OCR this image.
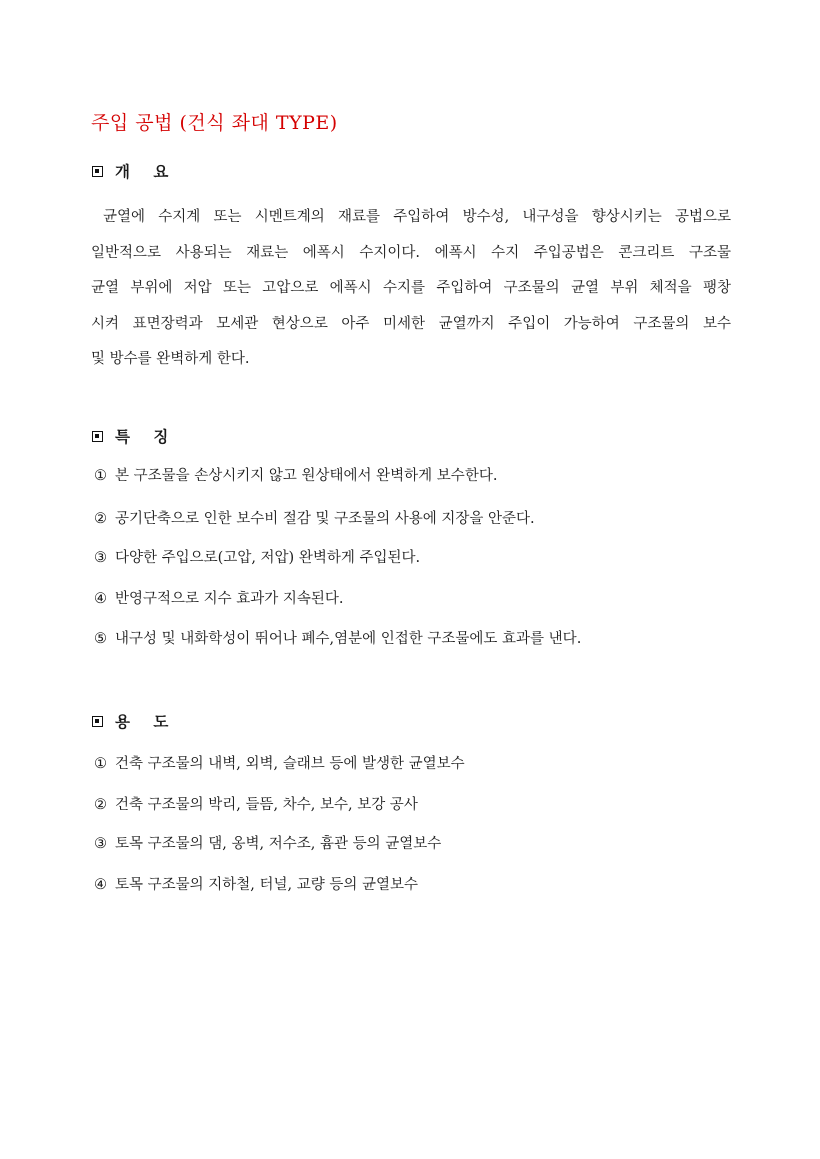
주입 공법 (건식 좌대 TYPE)
개 요
균열에 수지계 또는 시멘트계의 재료를 주입하여 방수성, 내구성을 향상시키는 공법으로
일반적으로 사용되는 재료는 에폭시 수지이다. 에폭시 수지 주입공법은 콘크리트 구조물
균열 부위에 저압 또는 고압으로 에폭시 수지를 주입하여 구조물의 균열 부위 체적을 팽창
시켜 표면장력과 모세관 현상으로 아주 미세한 균열까지 주입이 가능하여 구조물의 보수
및 방수를 완벽하게 한다.
특 징
① 본 구조물을 손상시키지 않고 원상태에서 완벽하게 보수한다.
② 공기단축으로 인한 보수비 절감 및 구조물의 사용에 지장을 안준다.
③ 다양한 주입으로(고압, 저압) 완벽하게 주입된다.
④ 반영구적으로 지수 효과가 지속된다.
⑤ 내구성 및 내화학성이 뛰어나 폐수,염분에 인접한 구조물에도 효과를 낸다.
용 도
① 건축 구조물의 내벽, 외벽, 슬래브 등에 발생한 균열보수
② 건축 구조물의 박리, 들뜸, 차수, 보수, 보강 공사
③ 토목 구조물의 댐, 옹벽, 저수조, 흄관 등의 균열보수
④ 토목 구조물의 지하철, 터널, 교량 등의 균열보수
